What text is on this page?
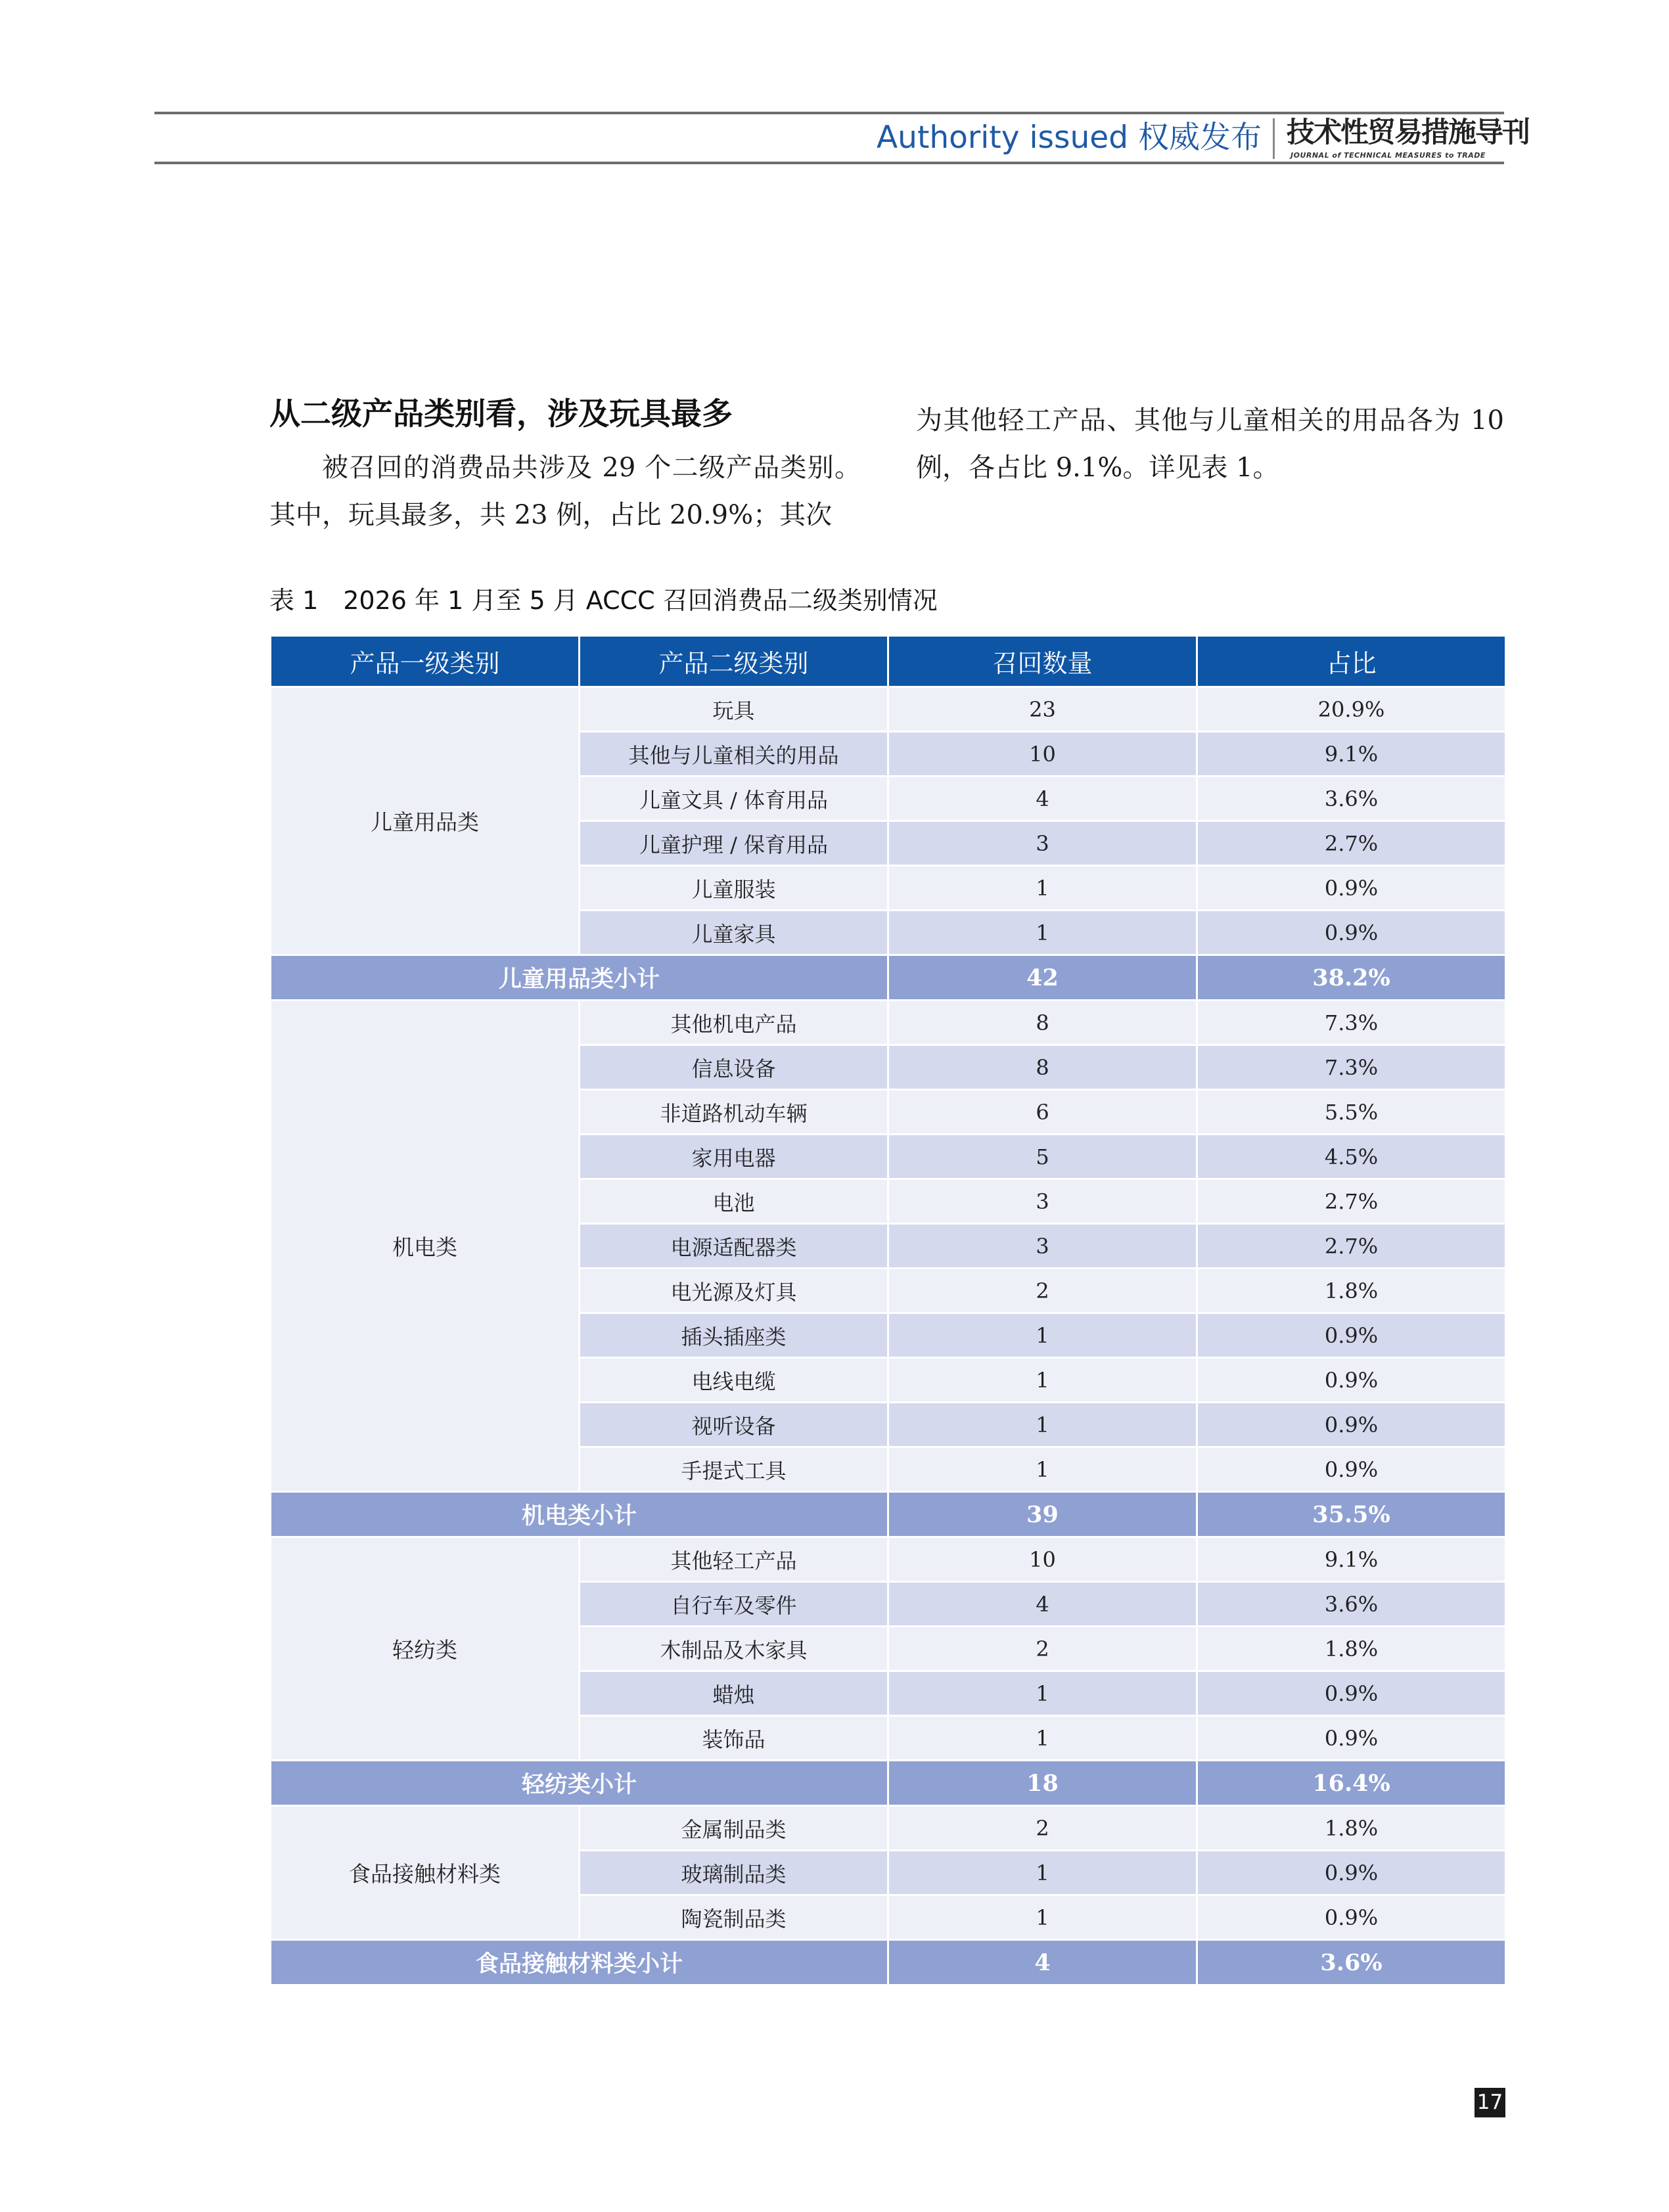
Authority issued 权威发布 技术性贸易措施导刊
JOURNAL of TECHNICAL MEASURES to TRADE
从二级产品类别看，涉及玩具最多

被召回的消费品共涉及 29 个二级产品类别。其中，玩具最多，共 23 例，占比 20.9%；其次

为其他轻工产品、其他与儿童相关的用品各为 10 例，各占比 9.1%。详见表 1。

表 1　2026 年 1 月至 5 月 ACCC 召回消费品二级类别情况
产品一级类别	产品二级类别	召回数量	占比
儿童用品类	玩具	23	20.9%
	其他与儿童相关的用品	10	9.1%
	儿童文具 / 体育用品	4	3.6%
	儿童护理 / 保育用品	3	2.7%
	儿童服装	1	0.9%
	儿童家具	1	0.9%
儿童用品类小计		42	38.2%
机电类	其他机电产品	8	7.3%
	信息设备	8	7.3%
	非道路机动车辆	6	5.5%
	家用电器	5	4.5%
	电池	3	2.7%
	电源适配器类	3	2.7%
	电光源及灯具	2	1.8%
	插头插座类	1	0.9%
	电线电缆	1	0.9%
	视听设备	1	0.9%
	手提式工具	1	0.9%
机电类小计		39	35.5%
轻纺类	其他轻工产品	10	9.1%
	自行车及零件	4	3.6%
	木制品及木家具	2	1.8%
	蜡烛	1	0.9%
	装饰品	1	0.9%
轻纺类小计		18	16.4%
食品接触材料类	金属制品类	2	1.8%
	玻璃制品类	1	0.9%
	陶瓷制品类	1	0.9%
食品接触材料类小计		4	3.6%
17
